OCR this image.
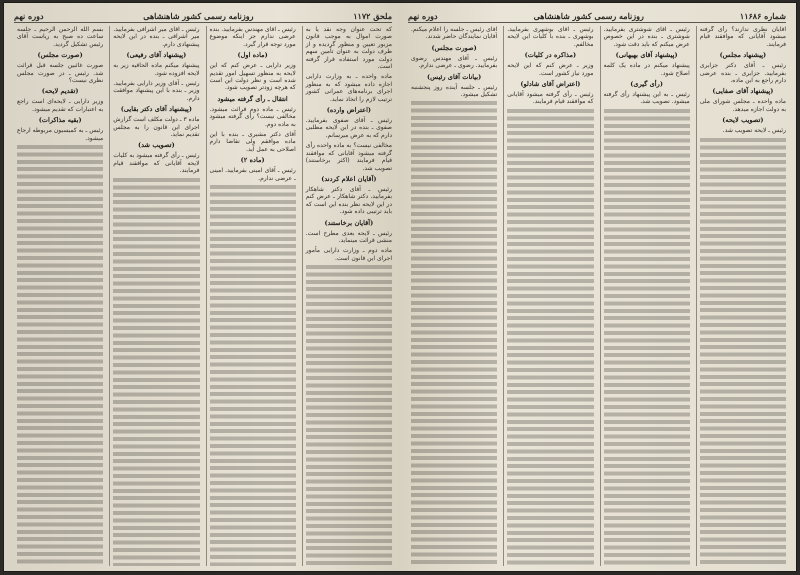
ملحق ۱۱۷۲
روزنامه رسمی کشور شاهنشاهی
دوره نهم
که تحت عنوان وجه نقد یا به صورت اموال به موجب قانون مزبور تعیین و منظور گردیده و از طرف دولت به عنوان تأمین سهم دولت مورد استفاده قرار گرفته است.
ماده واحده ـ به وزارت دارایی اجازه داده میشود که به منظور اجرای برنامه‌های عمرانی کشور ترتیب لازم را اتخاذ نماید.
(اعتراض وارده)
رئیس ـ آقای صفوی بفرمایید. صفوی ـ بنده در این لایحه مطلبی دارم که به عرض میرسانم.
مخالفی نیست؟ به ماده واحده رأی گرفته میشود آقایانی که موافقند قیام فرمایند (اکثر برخاستند) تصویب شد.
(آقایان اعلام کردند)
رئیس ـ آقای دکتر شاهکار بفرمایید. دکتر شاهکار ـ عرض کنم در این لایحه نظر بنده این است که باید ترتیبی داده شود.
(آقایان برخاستند)
رئیس ـ لایحه بعدی مطرح است. منشی قرائت مینماید.
ماده دوم ـ وزارت دارایی مأمور اجرای این قانون است.
رئیس ـ آقای مهندس بفرمایید. بنده عرضی ندارم جز اینکه موضوع مورد توجه قرار گیرد.
(ماده اول)
وزیر دارایی ـ عرض کنم که این لایحه به منظور تسهیل امور تقدیم شده است و نظر دولت این است که هرچه زودتر تصویب شود.
انتقال ـ رأی گرفته میشود
رئیس ـ ماده دوم قرائت میشود. مخالفی نیست؟ رأی گرفته میشود به ماده دوم.
آقای دکتر مشیری ـ بنده با این ماده موافقم ولی تقاضا دارم اصلاحی به عمل آید.
(ماده ۲)
رئیس ـ آقای امینی بفرمایید. امینی ـ عرضی ندارم.
رئیس ـ آقای میر اشرافی بفرمایید. میر اشرافی ـ بنده در این لایحه پیشنهادی دارم.
(پیشنهاد آقای رفیعی)
پیشنهاد میکنم ماده الحاقیه زیر به لایحه افزوده شود.
رئیس ـ آقای وزیر دارایی بفرمایید. وزیر ـ بنده با این پیشنهاد موافقت دارم.
(پیشنهاد آقای دکتر بقایی)
ماده ۳ ـ دولت مکلف است گزارش اجرای این قانون را به مجلس تقدیم نماید.
(تصویب شد)
رئیس ـ رأی گرفته میشود به کلیات لایحه آقایانی که موافقند قیام فرمایند.
بسم الله الرحمن الرحیم ـ جلسه ساعت ده صبح به ریاست آقای رئیس تشکیل گردید.
(صورت مجلس)
صورت غائبین جلسه قبل قرائت شد. رئیس ـ در صورت مجلس نظری نیست؟
(تقدیم لایحه)
وزیر دارایی ـ لایحه‌ای است راجع به اعتبارات که تقدیم میشود.
(بقیه مذاکرات)
رئیس ـ به کمیسیون مربوطه ارجاع میشود.
شماره ۱۱۶۸۶
روزنامه رسمی کشور شاهنشاهی
دوره نهم
آقایان نظری ندارند؟ رأی گرفته میشود آقایانی که موافقند قیام فرمایند.
(پیشنهاد مجلس)
رئیس ـ آقای دکتر جزایری بفرمایید. جزایری ـ بنده عرضی دارم راجع به این ماده.
(پیشنهاد آقای صفایی)
ماده واحده ـ مجلس شورای ملی به دولت اجازه میدهد.
(تصویب لایحه)
رئیس ـ لایحه تصویب شد.
رئیس ـ آقای شوشتری بفرمایید. شوشتری ـ بنده در این خصوص عرض میکنم که باید دقت شود.
(پیشنهاد آقای بهبهانی)
پیشنهاد میکنم در ماده یک کلمه اصلاح شود.
(رأی گیری)
رئیس ـ به این پیشنهاد رأی گرفته میشود. تصویب شد.
رئیس ـ آقای بوشهری بفرمایید. بوشهری ـ بنده با کلیات این لایحه مخالفم.
(مذاکره در کلیات)
وزیر ـ عرض کنم که این لایحه مورد نیاز کشور است.
(اعتراض آقای شادلو)
رئیس ـ رأی گرفته میشود آقایانی که موافقند قیام فرمایند.
آقای رئیس ـ جلسه را اعلام میکنم. آقایان نمایندگان حاضر شدند.
(صورت مجلس)
رئیس ـ آقای مهندس رضوی بفرمایید. رضوی ـ عرضی ندارم.
(بیانات آقای رئیس)
رئیس ـ جلسه آینده روز پنجشنبه تشکیل میشود.
